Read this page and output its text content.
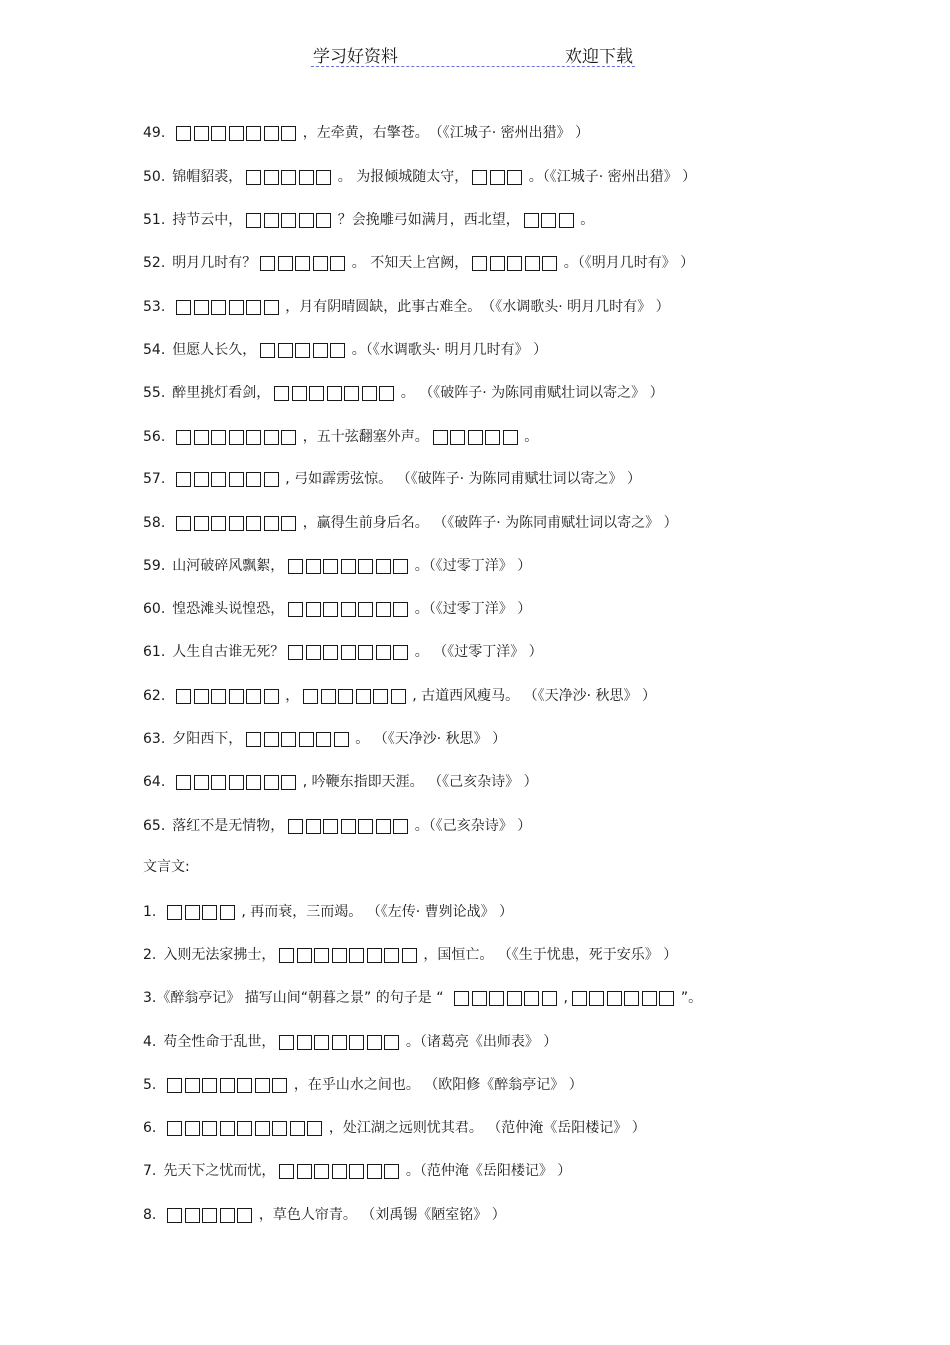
学习好资料	欢迎下载
49.	，左牵黄，右擎苍。（《江城子· 密州出猎》 ）
50. 锦帽貂裘，	。 为报倾城随太守，	。（《江城子· 密州出猎》 ）
51. 持节云中，	？会挽雕弓如满月，西北望，	。
52. 明月几时有？	。 不知天上宫阙，	。（《明月几时有》 ）
53.	，月有阴晴圆缺，此事古难全。（《水调歌头· 明月几时有》 ）
54. 但愿人长久，	。（《水调歌头· 明月几时有》 ）
55. 醉里挑灯看剑，	。 （《破阵子· 为陈同甫赋壮词以寄之》 ）
56.	，五十弦翻塞外声。	。
57.	, 弓如霹雳弦惊。 （《破阵子· 为陈同甫赋壮词以寄之》 ）
58.	，赢得生前身后名。 （《破阵子· 为陈同甫赋壮词以寄之》 ）
59. 山河破碎风飘絮，	。（《过零丁洋》 ）
60. 惶恐滩头说惶恐，	。（《过零丁洋》 ）
61. 人生自古谁无死？	。 （《过零丁洋》 ）
62.	，	, 古道西风瘦马。 （《天净沙· 秋思》 ）
63. 夕阳西下，	。 （《天净沙· 秋思》 ）
64.	, 吟鞭东指即天涯。 （《己亥杂诗》 ）
65. 落红不是无情物，	。（《己亥杂诗》 ）
1.	, 再而衰，三而竭。 （《左传· 曹刿论战》 ）
2. 入则无法家拂士，	，国恒亡。 （《生于忧患，死于安乐》 ）
3.《醉翁亭记》 描写山间“朝暮之景” 的句子是 “	,	”。
4. 苟全性命于乱世，	。（诸葛亮《出师表》 ）
5.	，在乎山水之间也。 （欧阳修《醉翁亭记》 ）
6.	，处江湖之远则忧其君。 （范仲淹《岳阳楼记》 ）
7. 先天下之忧而忧，	。（范仲淹《岳阳楼记》 ）
8.	，草色人帘青。 （刘禹锡《陋室铭》 ）
文言文:
